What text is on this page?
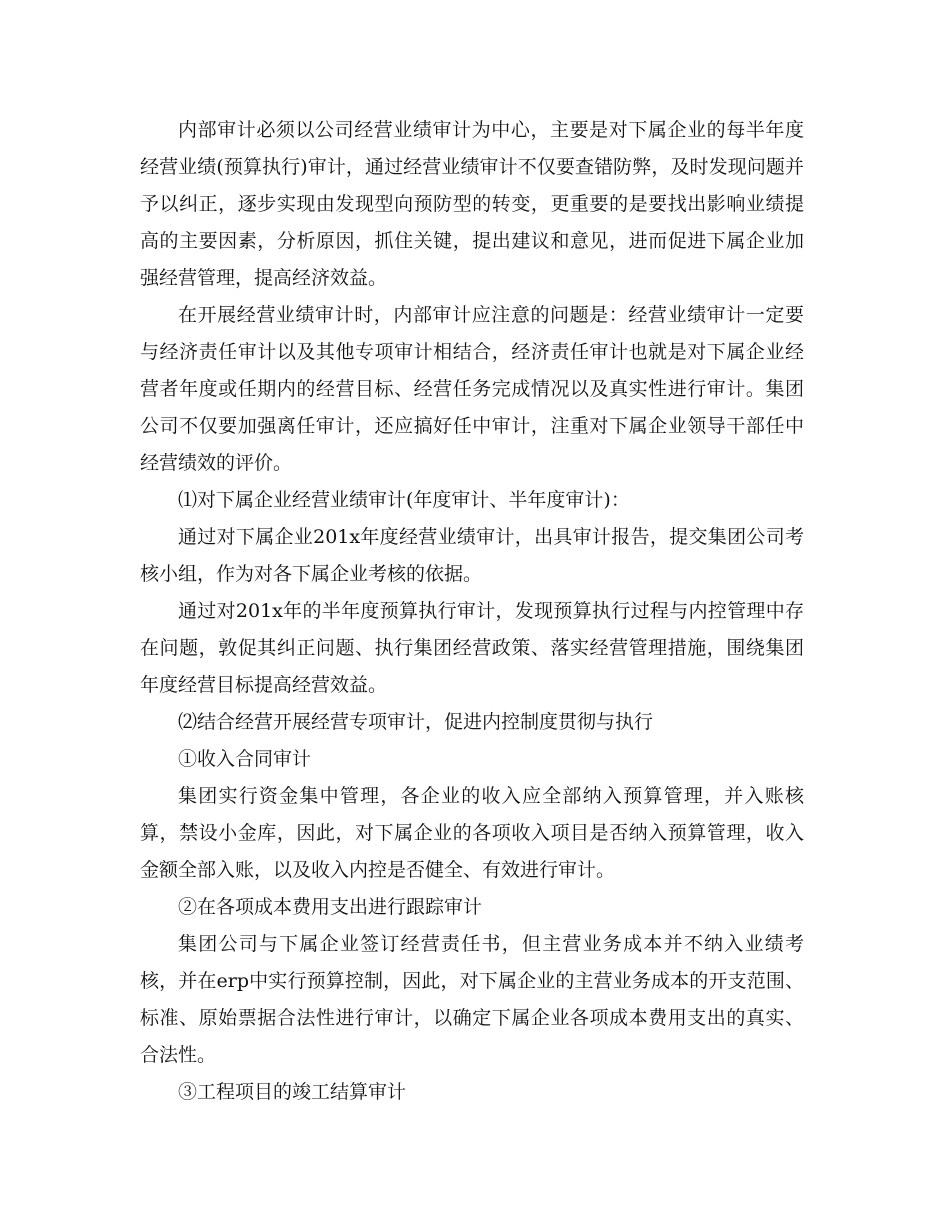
内部审计必须以公司经营业绩审计为中心，主要是对下属企业的每半年度经营业绩(预算执行)审计，通过经营业绩审计不仅要查错防弊，及时发现问题并予以纠正，逐步实现由发现型向预防型的转变，更重要的是要找出影响业绩提高的主要因素，分析原因，抓住关键，提出建议和意见，进而促进下属企业加强经营管理，提高经济效益。

在开展经营业绩审计时，内部审计应注意的问题是：经营业绩审计一定要与经济责任审计以及其他专项审计相结合，经济责任审计也就是对下属企业经营者年度或任期内的经营目标、经营任务完成情况以及真实性进行审计。集团公司不仅要加强离任审计，还应搞好任中审计，注重对下属企业领导干部任中经营绩效的评价。

⑴对下属企业经营业绩审计(年度审计、半年度审计)：

通过对下属企业201x年度经营业绩审计，出具审计报告，提交集团公司考核小组，作为对各下属企业考核的依据。

通过对201x年的半年度预算执行审计，发现预算执行过程与内控管理中存在问题，敦促其纠正问题、执行集团经营政策、落实经营管理措施，围绕集团年度经营目标提高经营效益。

⑵结合经营开展经营专项审计，促进内控制度贯彻与执行

①收入合同审计

集团实行资金集中管理，各企业的收入应全部纳入预算管理，并入账核算，禁设小金库，因此，对下属企业的各项收入项目是否纳入预算管理，收入金额全部入账，以及收入内控是否健全、有效进行审计。

②在各项成本费用支出进行跟踪审计

集团公司与下属企业签订经营责任书，但主营业务成本并不纳入业绩考核，并在erp中实行预算控制，因此，对下属企业的主营业务成本的开支范围、标准、原始票据合法性进行审计，以确定下属企业各项成本费用支出的真实、合法性。

③工程项目的竣工结算审计
